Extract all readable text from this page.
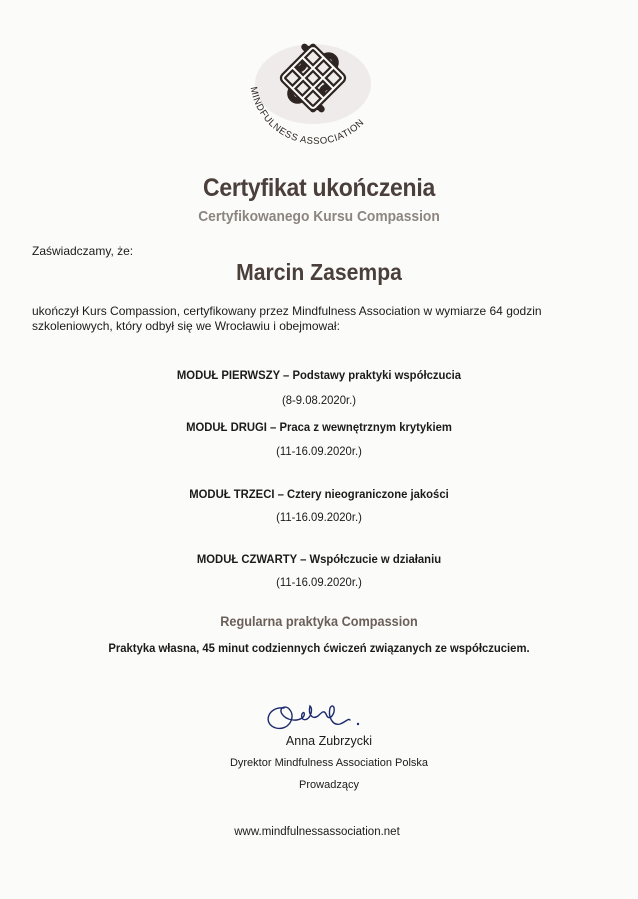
MINDFULNESS ASSOCIATION
Certyfikat ukończenia
Certyfikowanego Kursu Compassion
Zaświadczamy, że:
Marcin Zasempa
ukończył Kurs Compassion, certyfikowany przez Mindfulness Association w wymiarze 64 godzin szkoleniowych, który odbył się we Wrocławiu i obejmował:
MODUŁ PIERWSZY – Podstawy praktyki współczucia
(8-9.08.2020r.)
MODUŁ DRUGI – Praca z wewnętrznym krytykiem
(11-16.09.2020r.)
MODUŁ TRZECI – Cztery nieograniczone jakości
(11-16.09.2020r.)
MODUŁ CZWARTY – Współczucie w działaniu
(11-16.09.2020r.)
Regularna praktyka Compassion
Praktyka własna, 45 minut codziennych ćwiczeń związanych ze współczuciem.
Anna Zubrzycki
Dyrektor Mindfulness Association Polska
Prowadzący
www.mindfulnessassociation.net
